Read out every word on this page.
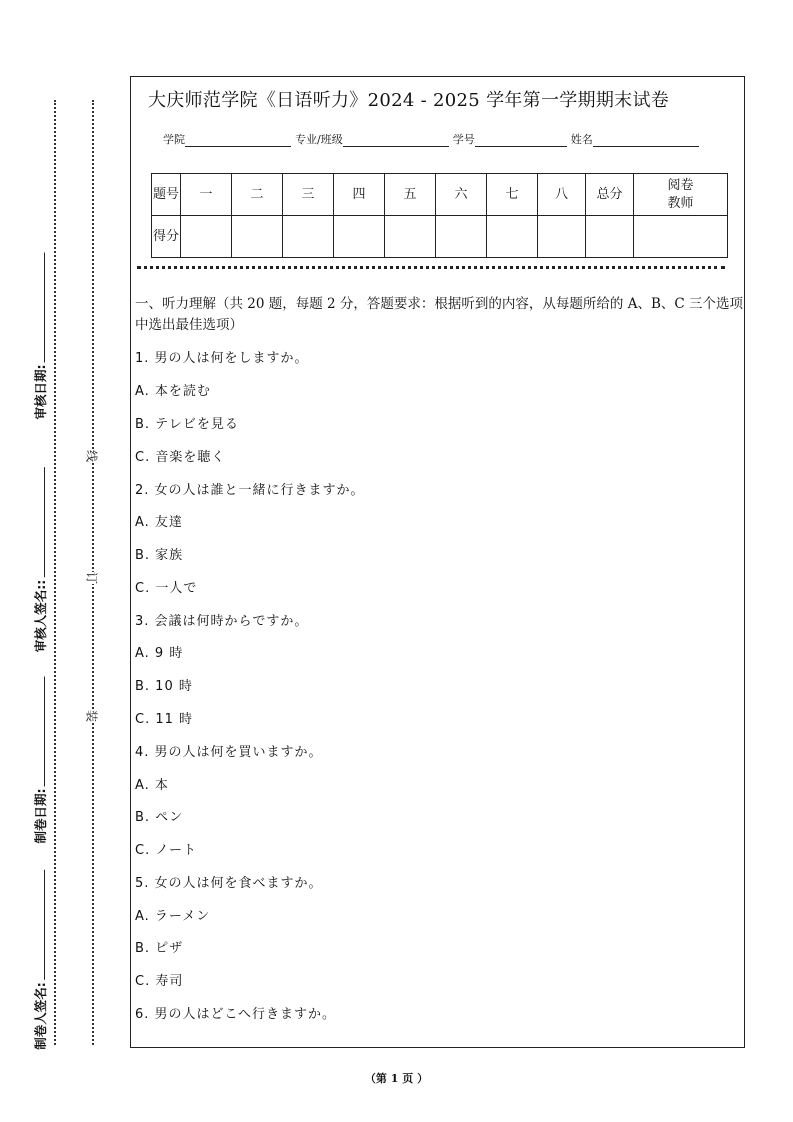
审核日期:
审核人签名::
制卷日期:
制卷人签名:
线
订
装
大庆师范学院《日语听力》2024 - 2025 学年第一学期期末试卷
学院	专业/班级	学号	姓名
题号	一	二	三	四	五	六	七	八	总分	阅卷教师
得分										
一、听力理解（共 20 题，每题 2 分，答题要求：根据听到的内容，从每题所给的 A、B、C 三个选项中选出最佳选项）
1. 男の人は何をしますか。
A. 本を読む
B. テレビを見る
C. 音楽を聴く
2. 女の人は誰と一緒に行きますか。
A. 友達
B. 家族
C. 一人で
3. 会議は何時からですか。
A. 9 時
B. 10 時
C. 11 時
4. 男の人は何を買いますか。
A. 本
B. ペン
C. ノート
5. 女の人は何を食べますか。
A. ラーメン
B. ピザ
C. 寿司
6. 男の人はどこへ行きますか。
（第 1 页 ）
